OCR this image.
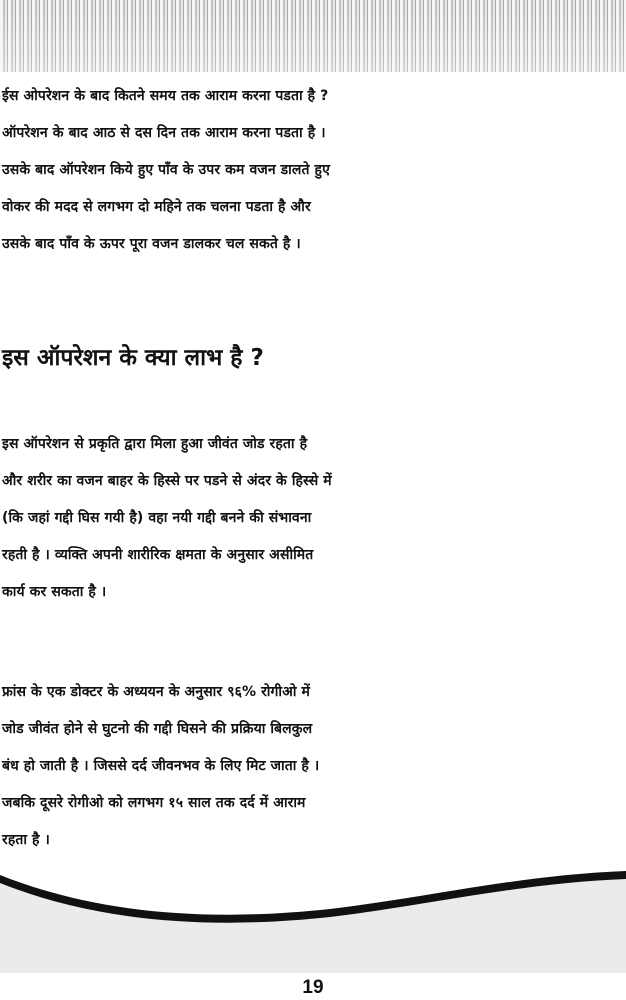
ईस ओपरेशन के बाद कितने समय तक आराम करना पडता है ?
ऑपरेशन के बाद आठ से दस दिन तक आराम करना पडता है ।
उसके बाद ऑपरेशन किये हुए पाँव के उपर कम वजन डालते हुए
वोकर की मदद से लगभग दो महिने तक चलना पडता है और
उसके बाद पाँव के ऊपर पूरा वजन डालकर चल सकते है ।
इस ऑपरेशन के क्या लाभ है ?
इस ऑपरेशन से प्रकृति द्वारा मिला हुआ जीवंत जोड रहता है
और शरीर का वजन बाहर के हिस्से पर पडने से अंदर के हिस्से में
(कि जहां गद्दी घिस गयी है) वहा नयी गद्दी बनने की संभावना
रहती है । व्यक्ति अपनी शारीरिक क्षमता के अनुसार असीमित
कार्य कर सकता है ।
फ्रांस के एक डोक्टर के अध्ययन के अनुसार ९६% रोगीओ में
जोड जीवंत होने से घुटनो की गद्दी घिसने की प्रक्रिया बिलकुल
बंध हो जाती है । जिससे दर्द जीवनभव के लिए मिट जाता है ।
जबकि दूसरे रोगीओ को लगभग १५ साल तक दर्द में आराम
रहता है ।
19
